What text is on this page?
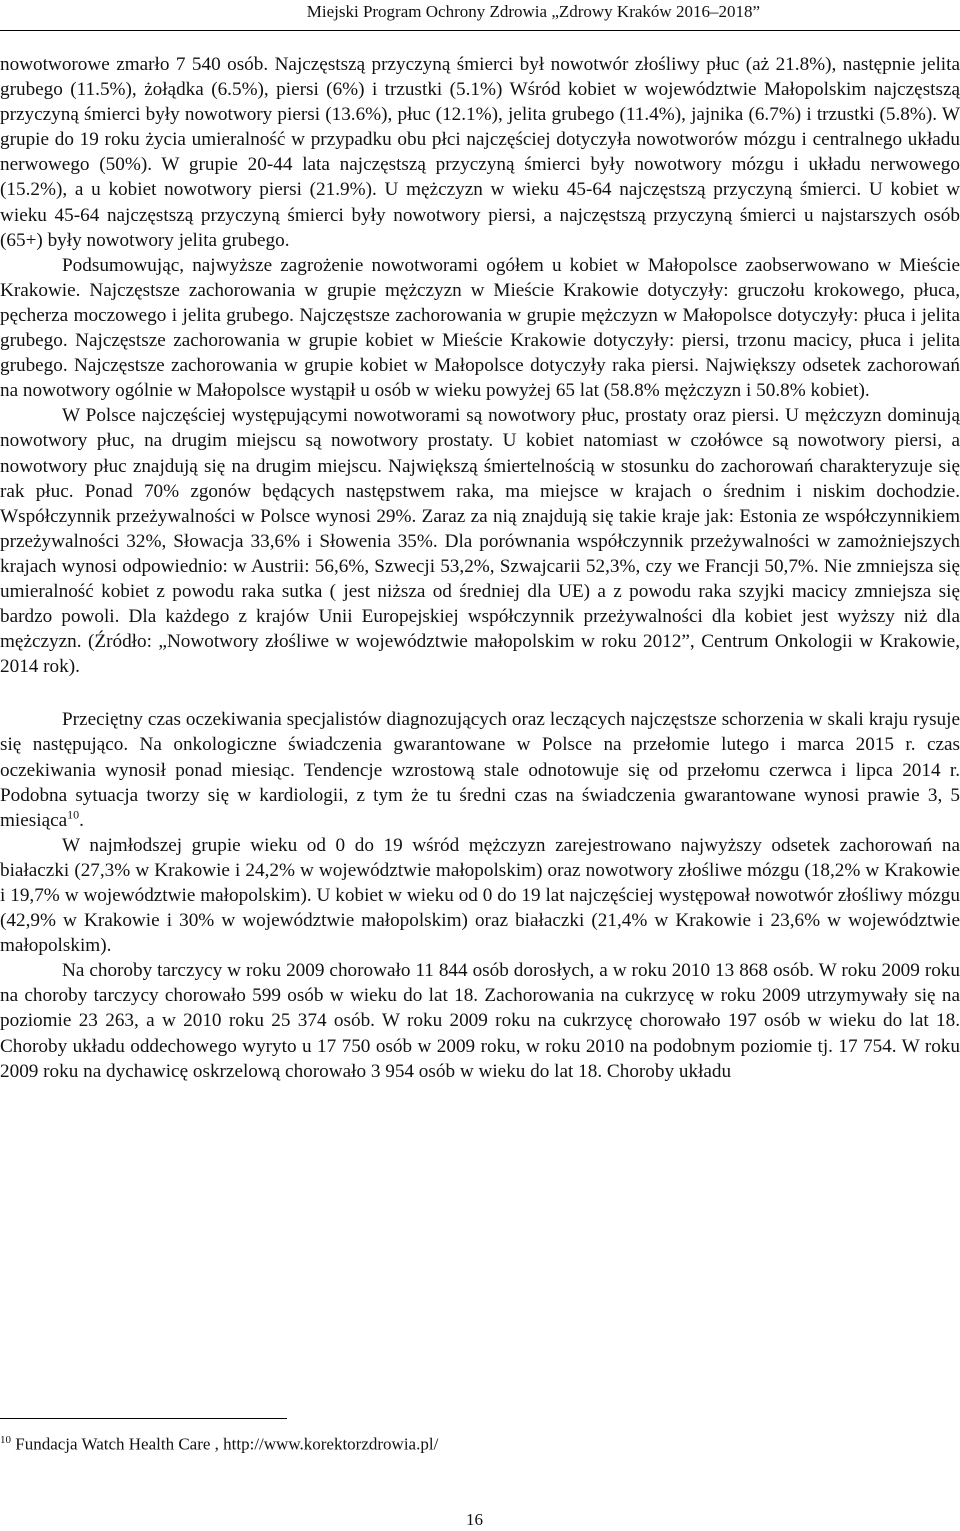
Miejski Program Ochrony Zdrowia „Zdrowy Kraków 2016–2018”

nowotworowe zmarło 7 540 osób. Najczęstszą przyczyną śmierci był nowotwór złośliwy płuc (aż 21.8%), następnie jelita grubego (11.5%), żołądka (6.5%), piersi (6%) i trzustki (5.1%) Wśród kobiet w województwie Małopolskim najczęstszą przyczyną śmierci były nowotwory piersi (13.6%), płuc (12.1%), jelita grubego (11.4%), jajnika (6.7%) i trzustki (5.8%). W grupie do 19 roku życia umieralność w przypadku obu płci najczęściej dotyczyła nowotworów mózgu i centralnego układu nerwowego (50%). W grupie 20-44 lata najczęstszą przyczyną śmierci były nowotwory mózgu i układu nerwowego (15.2%), a u kobiet nowotwory piersi (21.9%). U mężczyzn w wieku 45-64 najczęstszą przyczyną śmierci. U kobiet w wieku 45-64 najczęstszą przyczyną śmierci były nowotwory piersi, a najczęstszą przyczyną śmierci u najstarszych osób (65+) były nowotwory jelita grubego.

Podsumowując, najwyższe zagrożenie nowotworami ogółem u kobiet w Małopolsce zaobserwowano w Mieście Krakowie. Najczęstsze zachorowania w grupie mężczyzn w Mieście Krakowie dotyczyły: gruczołu krokowego, płuca, pęcherza moczowego i jelita grubego. Najczęstsze zachorowania w grupie mężczyzn w Małopolsce dotyczyły: płuca i jelita grubego. Najczęstsze zachorowania w grupie kobiet w Mieście Krakowie dotyczyły: piersi, trzonu macicy, płuca i jelita grubego. Najczęstsze zachorowania w grupie kobiet w Małopolsce dotyczyły raka piersi. Największy odsetek zachorowań na nowotwory ogólnie w Małopolsce wystąpił u osób w wieku powyżej 65 lat (58.8% mężczyzn i 50.8% kobiet).

W Polsce najczęściej występującymi nowotworami są nowotwory płuc, prostaty oraz piersi. U mężczyzn dominują nowotwory płuc, na drugim miejscu są nowotwory prostaty. U kobiet natomiast w czołówce są nowotwory piersi, a nowotwory płuc znajdują się na drugim miejscu. Największą śmiertelnością w stosunku do zachorowań charakteryzuje się rak płuc. Ponad 70% zgonów będących następstwem raka, ma miejsce w krajach o średnim i niskim dochodzie. Współczynnik przeżywalności w Polsce wynosi 29%. Zaraz za nią znajdują się takie kraje jak: Estonia ze współczynnikiem przeżywalności 32%, Słowacja 33,6% i Słowenia 35%. Dla porównania współczynnik przeżywalności w zamożniejszych krajach wynosi odpowiednio: w Austrii: 56,6%, Szwecji 53,2%, Szwajcarii 52,3%, czy we Francji 50,7%. Nie zmniejsza się umieralność kobiet z powodu raka sutka ( jest niższa od średniej dla UE) a z powodu raka szyjki macicy zmniejsza się bardzo powoli. Dla każdego z krajów Unii Europejskiej współczynnik przeżywalności dla kobiet jest wyższy niż dla mężczyzn. (Źródło: „Nowotwory złośliwe w województwie małopolskim w roku 2012”, Centrum Onkologii w Krakowie, 2014 rok).

Przeciętny czas oczekiwania specjalistów diagnozujących oraz leczących najczęstsze schorzenia w skali kraju rysuje się następująco. Na onkologiczne świadczenia gwarantowane w Polsce na przełomie lutego i marca 2015 r. czas oczekiwania wynosił ponad miesiąc. Tendencje wzrostową stale odnotowuje się od przełomu czerwca i lipca 2014 r. Podobna sytuacja tworzy się w kardiologii, z tym że tu średni czas na świadczenia gwarantowane wynosi prawie 3, 5 miesiąca$^{10}$.

W najmłodszej grupie wieku od 0 do 19 wśród mężczyzn zarejestrowano najwyższy odsetek zachorowań na białaczki (27,3% w Krakowie i 24,2% w województwie małopolskim) oraz nowotwory złośliwe mózgu (18,2% w Krakowie i 19,7% w województwie małopolskim). U kobiet w wieku od 0 do 19 lat najczęściej występował nowotwór złośliwy mózgu (42,9% w Krakowie i 30% w województwie małopolskim) oraz białaczki (21,4% w Krakowie i 23,6% w województwie małopolskim).

Na choroby tarczycy w roku 2009 chorowało 11 844 osób dorosłych, a w roku 2010 13 868 osób. W roku 2009 roku na choroby tarczycy chorowało 599 osób w wieku do lat 18. Zachorowania na cukrzycę w roku 2009 utrzymywały się na poziomie 23 263, a w 2010 roku 25 374 osób. W roku 2009 roku na cukrzycę chorowało 197 osób w wieku do lat 18. Choroby układu oddechowego wyryto u 17 750 osób w 2009 roku, w roku 2010 na podobnym poziomie tj. 17 754. W roku 2009 roku na dychawicę oskrzelową chorowało 3 954 osób w wieku do lat 18. Choroby układu

$^{10}$ Fundacja Watch Health Care , http://www.korektorzdrowia.pl/
16
